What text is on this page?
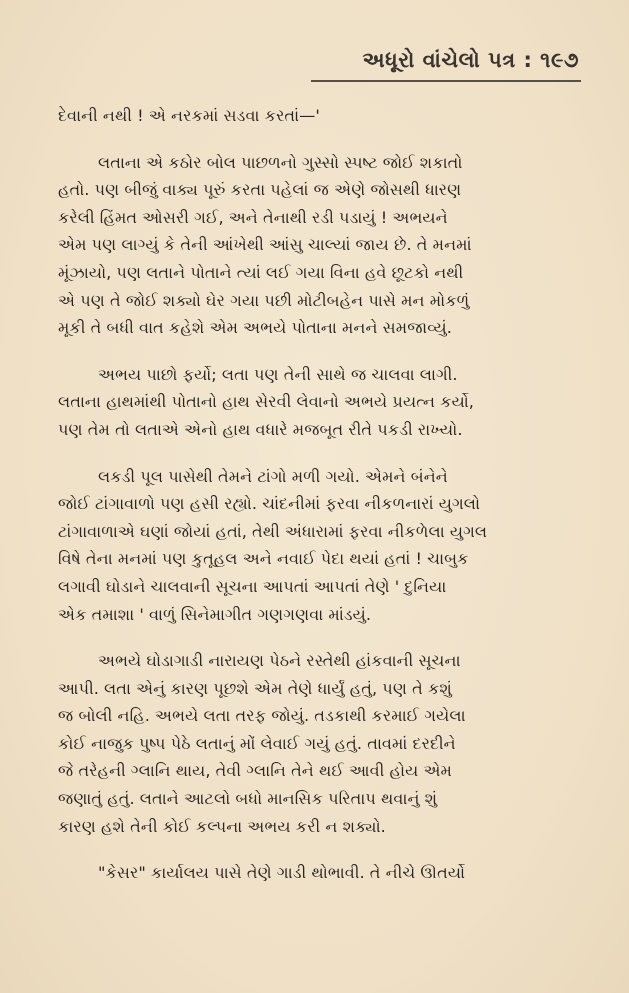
અધૂરો વાંચેલો પત્ર : ૧૯૭

દેવાની નથી ! એ નરકમાં સડવા કરતાં—'

લતાના એ કઠોર બોલ પાછળનો ગુસ્સો સ્પષ્ટ જોઈ શકાતો
હતો. પણ બીજું વાક્ય પૂરું કરતા પહેલાં જ એણે જોસથી ધારણ
કરેલી હિંમત ઓસરી ગઈ, અને તેનાથી રડી પડાયું ! અભયને
એમ પણ લાગ્યું કે તેની આંખેથી આંસુ ચાલ્યાં જાય છે. તે મનમાં
મૂંઝાયો, પણ લતાને પોતાને ત્યાં લઈ ગયા વિના હવે છૂટકો નથી
એ પણ તે જોઈ શક્યો ઘેર ગયા પછી મોટીબહેન પાસે મન મોકળું
મૂકી તે બધી વાત કહેશે એમ અભયે પોતાના મનને સમજાવ્યું.

અભય પાછો ફર્યો; લતા પણ તેની સાથે જ ચાલવા લાગી.
લતાના હાથમાંથી પોતાનો હાથ સેરવી લેવાનો અભયે પ્રયત્ન કર્યો,
પણ તેમ તો લતાએ એનો હાથ વધારે મજબૂત રીતે પકડી રાખ્યો.

લકડી પૂલ પાસેથી તેમને ટાંગો મળી ગયો. એમને બંનેને
જોઈ ટાંગાવાળો પણ હસી રહ્યો. ચાંદનીમાં ફરવા નીકળનારાં યુગલો
ટાંગાવાળાએ ઘણાં જોયાં હતાં, તેથી અંધારામાં ફરવા નીકળેલા યુગલ
વિષે તેના મનમાં પણ કુતૂહલ અને નવાઈ પેદા થયાં હતાં ! ચાબુક
લગાવી ઘોડાને ચાલવાની સૂચના આપતાં આપતાં તેણે ' દુનિયા
એક તમાશા ' વાળું સિનેમાગીત ગણગણવા માંડયું.

અભયે ઘોડાગાડી નારાયણ પેઠને રસ્તેથી હાંકવાની સૂચના
આપી. લતા એનું કારણ પૂછશે એમ તેણે ધાર્યું હતું, પણ તે કશું
જ બોલી નહિ. અભયે લતા તરફ જોયું. તડકાથી કરમાઈ ગયેલા
કોઈ નાજુક પુષ્પ પેઠે લતાનું મોં લેવાઈ ગયું હતું. તાવમાં દરદીને
જે તરેહની ગ્લાનિ થાય, તેવી ગ્લાનિ તેને થઈ આવી હોય એમ
જણાતું હતું. લતાને આટલો બધો માનસિક પરિતાપ થવાનું શું
કારણ હશે તેની કોઈ કલ્પના અભય કરી ન શક્યો.

"કેસર" કાર્યાલય પાસે તેણે ગાડી થોભાવી. તે નીચે ઊતર્યો
